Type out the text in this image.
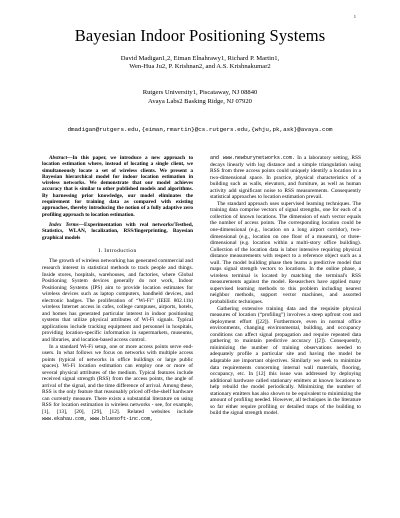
1
Bayesian Indoor Positioning Systems
David Madigan1,2, Eiman Elnahrawy1, Richard P. Martin1,
Wen-Hua Ju2, P. Krishnan2, and A.S. Krishnakumar2
Rutgers University1, Piscataway, NJ 08840
Avaya Labs2 Basking Ridge, NJ 07920
dmadigan@rutgers.edu,{eiman,rmartin}@cs.rutgers.edu,{whju,pk,ask}@avaya.com

Abstract—In this paper, we introduce a new approach to location estimation where, instead of locating a single client, we simultaneously locate a set of wireless clients. We present a Bayesian hierarchical model for indoor location estimation in wireless networks. We demonstrate that our model achieves accuracy that is similar to other published models and algorithms. By harnessing prior knowledge, our model eliminates the requirement for training data as compared with existing approaches, thereby introducing the notion of a fully adaptive zero profiling approach to location estimation.

Index Terms—Experimentation with real networks/Testbed, Statistics, WLAN, localization, RSS/fingerprinting, Bayesian graphical models

I. Introduction

The growth of wireless networking has generated commercial and research interest in statistical methods to track people and things. Inside stores, hospitals, warehouses, and factories, where Global Positioning System devices generally do not work, Indoor Positioning Systems (IPS) aim to provide location estimates for wireless devices such as laptop computers, handheld devices, and electronic badges. The proliferation of “Wi-Fi” (IEEE 802.11b) wireless Internet access in cafes, college campuses, airports, hotels, and homes has generated particular interest in indoor positioning systems that utilize physical attributes of Wi-Fi signals. Typical applications include tracking equipment and personnel in hospitals, providing location-specific information in supermarkets, museums, and libraries, and location-based access control.

In a standard Wi-Fi setup, one or more access points serve end-users. In what follows we focus on networks with multiple access points (typical of networks in office buildings or large public spaces). Wi-Fi location estimation can employ one or more of several physical attributes of the medium. Typical features include received signal strength (RSS) from the access points, the angle of arrival of the signal, and the time difference of arrival. Among these, RSS is the only feature that reasonably priced off-the-shelf hardware can currently measure. There exists a substantial literature on using RSS for location estimation in wireless networks - see, for example, [1], [13], [20], [29], [12]. Related websites include www.ekahau.com, www.bluesoft-inc.com,

and www.newburynetworks.com. In a laboratory setting, RSS decays linearly with log distance and a simple triangulation using RSS from three access points could uniquely identify a location in a two-dimensional space. In practice, physical characteristics of a building such as walls, elevators, and furniture, as well as human activity add significant noise to RSS measurements. Consequently statistical approaches to location estimation prevail.

The standard approach uses supervised learning techniques. The training data comprise vectors of signal strengths, one for each of a collection of known locations. The dimension of each vector equals the number of access points. The corresponding location could be one-dimensional (e.g., location on a long airport corridor), two-dimensional (e.g., location on one floor of a museum), or three-dimensional (e.g. location within a multi-story office building). Collection of the location data is labor intensive requiring physical distance measurements with respect to a reference object such as a wall. The model building phase then learns a predictive model that maps signal strength vectors to locations. In the online phase, a wireless terminal is located by matching the terminal's RSS measurements against the model. Researchers have applied many supervised learning methods to this problem including nearest neighbor methods, support vector machines, and assorted probabilistic techniques.

Gathering extensive training data and the requisite physical measures of location (“profiling”) involves a steep upfront cost and deployment effort ([22]). Furthermore, even in normal office environments, changing environmental, building, and occupancy conditions can affect signal propagation and require repeated data gathering to maintain predictive accuracy ([2]). Consequently, minimizing the number of training observations needed to adequately profile a particular site and having the model be adaptable are important objectives. Similarly we seek to minimize data requirements concerning internal wall materials, flooring, occupancy, etc. In [12] this issue was addressed by deploying additional hardware called stationary emitters at known locations to help rebuild the model periodically. Minimizing the number of stationary emitters has also shown to be equivalent to minimizing the amount of profiling needed. However, all techniques in the literature so far either require profiling or detailed maps of the building to build the signal strength model.
